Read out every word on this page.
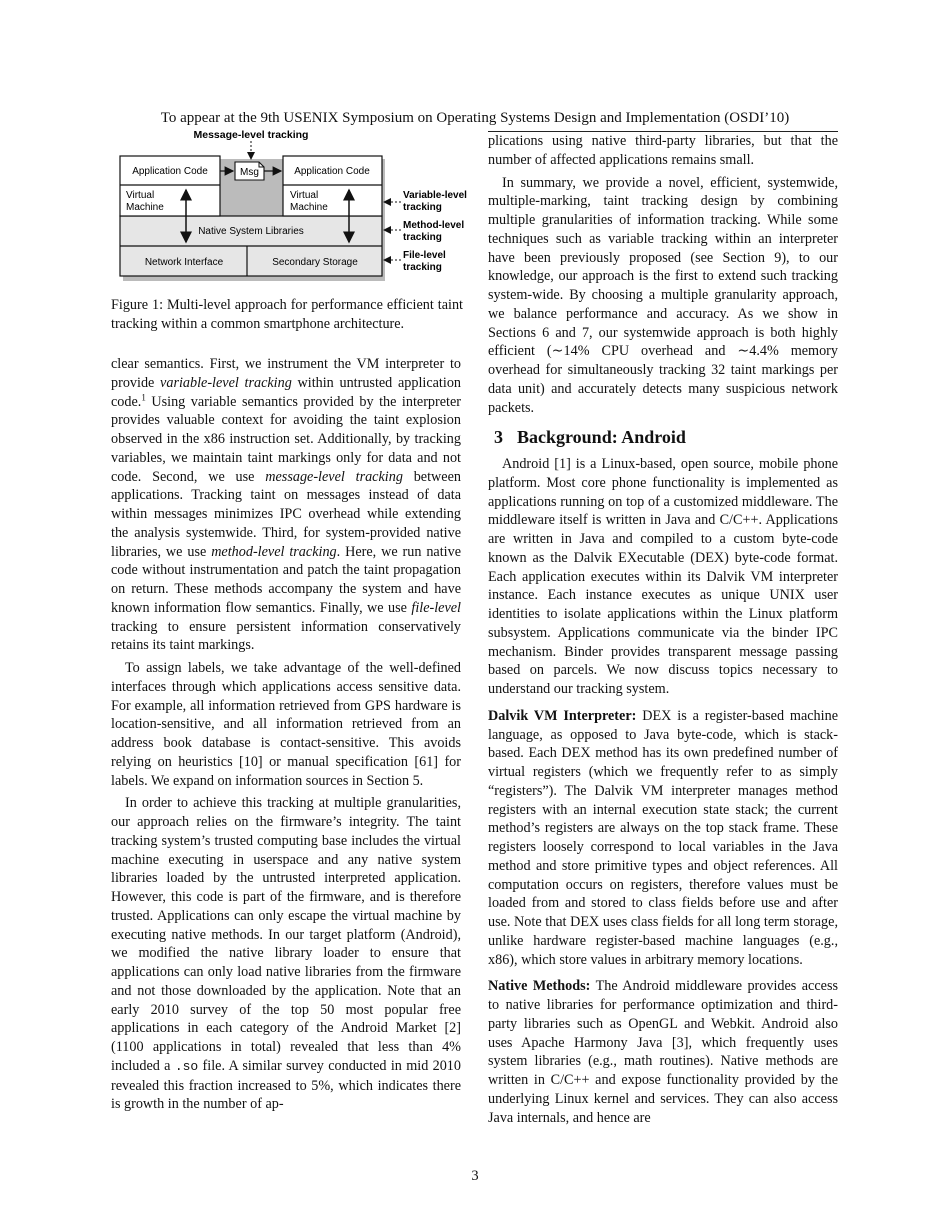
To appear at the 9th USENIX Symposium on Operating Systems Design and Implementation (OSDI’10)
Message-level tracking
Application Code	Msg	Application Code
Virtual
Machine
Virtual
Machine
Native System Libraries
Network Interface	Secondary Storage
Variable-level
tracking
Method-level
tracking
File-level
tracking
Figure 1: Multi-level approach for performance efficient taint tracking within a common smartphone architecture.

clear semantics. First, we instrument the VM interpreter to provide variable-level tracking within untrusted application code.$^1$ Using variable semantics provided by the interpreter provides valuable context for avoiding the taint explosion observed in the x86 instruction set. Additionally, by tracking variables, we maintain taint markings only for data and not code. Second, we use message-level tracking between applications. Tracking taint on messages instead of data within messages minimizes IPC overhead while extending the analysis systemwide. Third, for system-provided native libraries, we use method-level tracking. Here, we run native code without instrumentation and patch the taint propagation on return. These methods accompany the system and have known information flow semantics. Finally, we use file-level tracking to ensure persistent information conservatively retains its taint markings.

To assign labels, we take advantage of the well-defined interfaces through which applications access sensitive data. For example, all information retrieved from GPS hardware is location-sensitive, and all information retrieved from an address book database is contact-sensitive. This avoids relying on heuristics [10] or manual specification [61] for labels. We expand on information sources in Section 5.

In order to achieve this tracking at multiple granularities, our approach relies on the firmware’s integrity. The taint tracking system’s trusted computing base includes the virtual machine executing in userspace and any native system libraries loaded by the untrusted interpreted application. However, this code is part of the firmware, and is therefore trusted. Applications can only escape the virtual machine by executing native methods. In our target platform (Android), we modified the native library loader to ensure that applications can only load native libraries from the firmware and not those downloaded by the application. Note that an early 2010 survey of the top 50 most popular free applications in each category of the Android Market [2] (1100 applications in total) revealed that less than 4% included a .so file. A similar survey conducted in mid 2010 revealed this fraction increased to 5%, which indicates there is growth in the number of ap-

plications using native third-party libraries, but that the number of affected applications remains small.

In summary, we provide a novel, efficient, systemwide, multiple-marking, taint tracking design by combining multiple granularities of information tracking. While some techniques such as variable tracking within an interpreter have been previously proposed (see Section 9), to our knowledge, our approach is the first to extend such tracking system-wide. By choosing a multiple granularity approach, we balance performance and accuracy. As we show in Sections 6 and 7, our systemwide approach is both highly efficient (∼14% CPU overhead and ∼4.4% memory overhead for simultaneously tracking 32 taint markings per data unit) and accurately detects many suspicious network packets.

3 Background: Android

Android [1] is a Linux-based, open source, mobile phone platform. Most core phone functionality is implemented as applications running on top of a customized middleware. The middleware itself is written in Java and C/C++. Applications are written in Java and compiled to a custom byte-code known as the Dalvik EXecutable (DEX) byte-code format. Each application executes within its Dalvik VM interpreter instance. Each instance executes as unique UNIX user identities to isolate applications within the Linux platform subsystem. Applications communicate via the binder IPC mechanism. Binder provides transparent message passing based on parcels. We now discuss topics necessary to understand our tracking system.

Dalvik VM Interpreter: DEX is a register-based machine language, as opposed to Java byte-code, which is stack-based. Each DEX method has its own predefined number of virtual registers (which we frequently refer to as simply “registers”). The Dalvik VM interpreter manages method registers with an internal execution state stack; the current method’s registers are always on the top stack frame. These registers loosely correspond to local variables in the Java method and store primitive types and object references. All computation occurs on registers, therefore values must be loaded from and stored to class fields before use and after use. Note that DEX uses class fields for all long term storage, unlike hardware register-based machine languages (e.g., x86), which store values in arbitrary memory locations.

Native Methods: The Android middleware provides access to native libraries for performance optimization and third-party libraries such as OpenGL and Webkit. Android also uses Apache Harmony Java [3], which frequently uses system libraries (e.g., math routines). Native methods are written in C/C++ and expose functionality provided by the underlying Linux kernel and services. They can also access Java internals, and hence are

3
